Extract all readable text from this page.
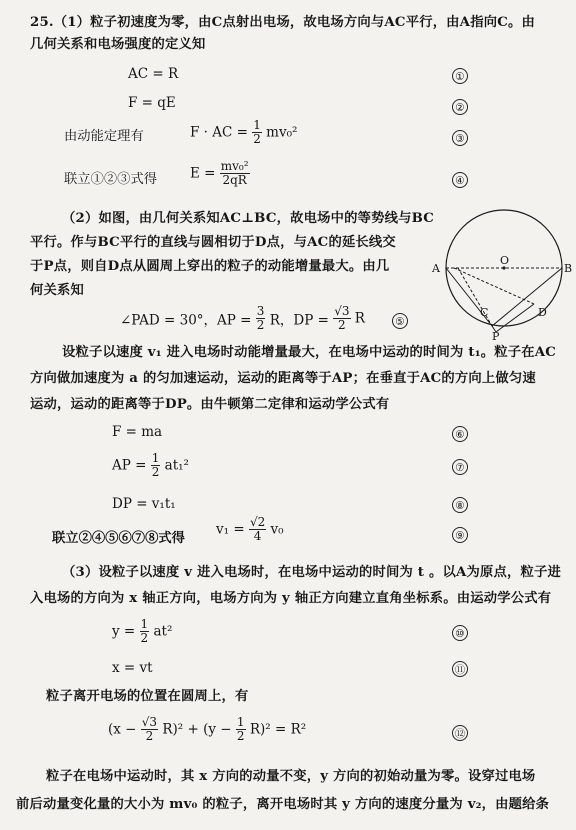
25.（1）粒子初速度为零，由C点射出电场，故电场方向与AC平行，由A指向C。由
几何关系和电场强度的定义知
AC = R	①
F = qE	②
由动能定理有	F · AC = $\frac{1}{2} mv_0^2$	③
联立①②③式得 $E = \frac{\text{mv₀²}}{2qR}$	④
（2）如图，由几何关系知AC⊥BC，故电场中的等势线与BC
平行。作与BC平行的直线与圆相切于D点，与AC的延长线交
于P点，则自D点从圆周上穿出的粒子的动能增量最大。由几
何关系知
∠PAD = 30°，AP = $\frac{3}{2}$ R，DP = $\frac{√3}{2}$ R	⑤
A	B
C	D
O
P
设粒子以速度 v₁ 进入电场时动能增量最大，在电场中运动的时间为 t₁。粒子在AC
方向做加速度为 a 的匀加速运动，运动的距离等于AP；在垂直于AC的方向上做匀速
运动，运动的距离等于DP。由牛顿第二定律和运动学公式有
F = ma	⑥
AP = $\frac{1}{2} at_1^2$	⑦
DP = v₁t₁	⑧
联立②④⑤⑥⑦⑧式得
$v_1 = \frac{√2}{4} v_0$	⑨
（3）设粒子以速度 v 进入电场时，在电场中运动的时间为 t 。以A为原点，粒子进
入电场的方向为 x 轴正方向，电场方向为 y 轴正方向建立直角坐标系。由运动学公式有
$y = \frac{1}{2} at^2$	⑩
x = vt	⑪
粒子离开电场的位置在圆周上，有
$(x - \frac{√3}{2} R)^2 + (y - \frac{1}{2} R)^2 = R^2$	⑫
粒子在电场中运动时，其 x 方向的动量不变，y 方向的初始动量为零。设穿过电场
前后动量变化量的大小为 mv₀ 的粒子，离开电场时其 y 方向的速度分量为 v₂，由题给条
